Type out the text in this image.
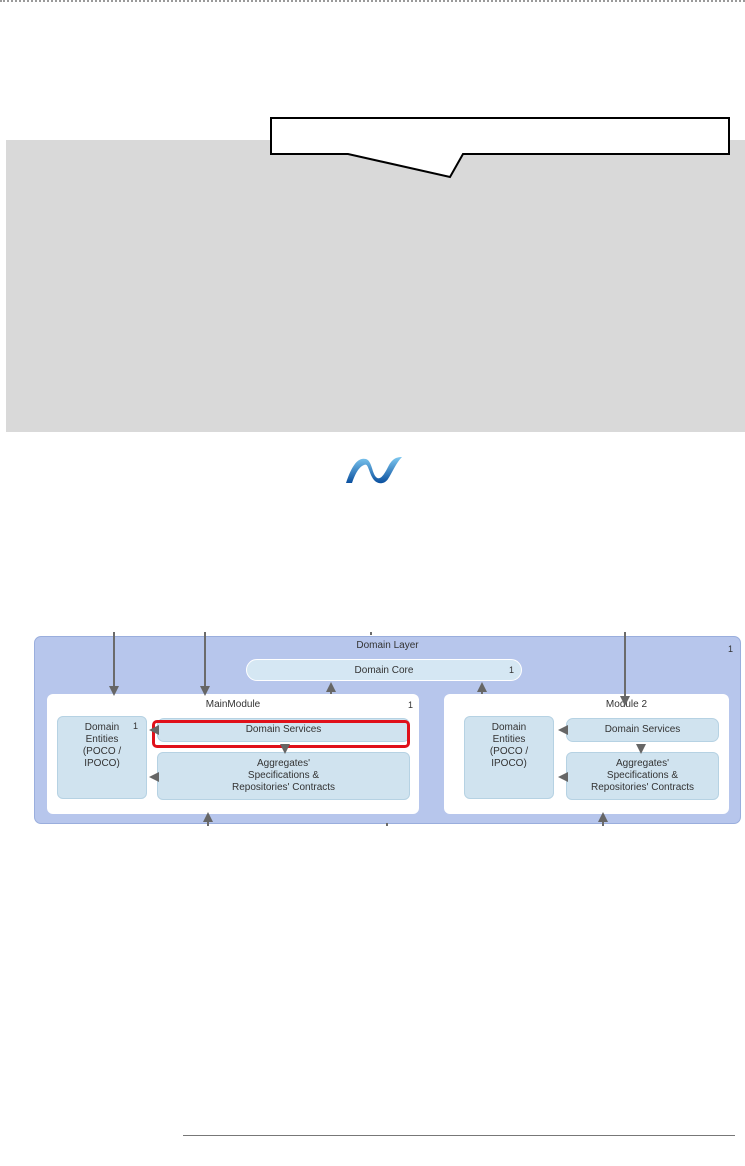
Domain Layer	1
Domain Core	1
MainModule	1
Domain
Entities
(POCO /
IPOCO)
1	Domain Services
Aggregates'
Specifications &
Repositories' Contracts
Module 2
Domain
Entities
(POCO /
IPOCO)
Domain Services
Aggregates'
Specifications &
Repositories' Contracts
